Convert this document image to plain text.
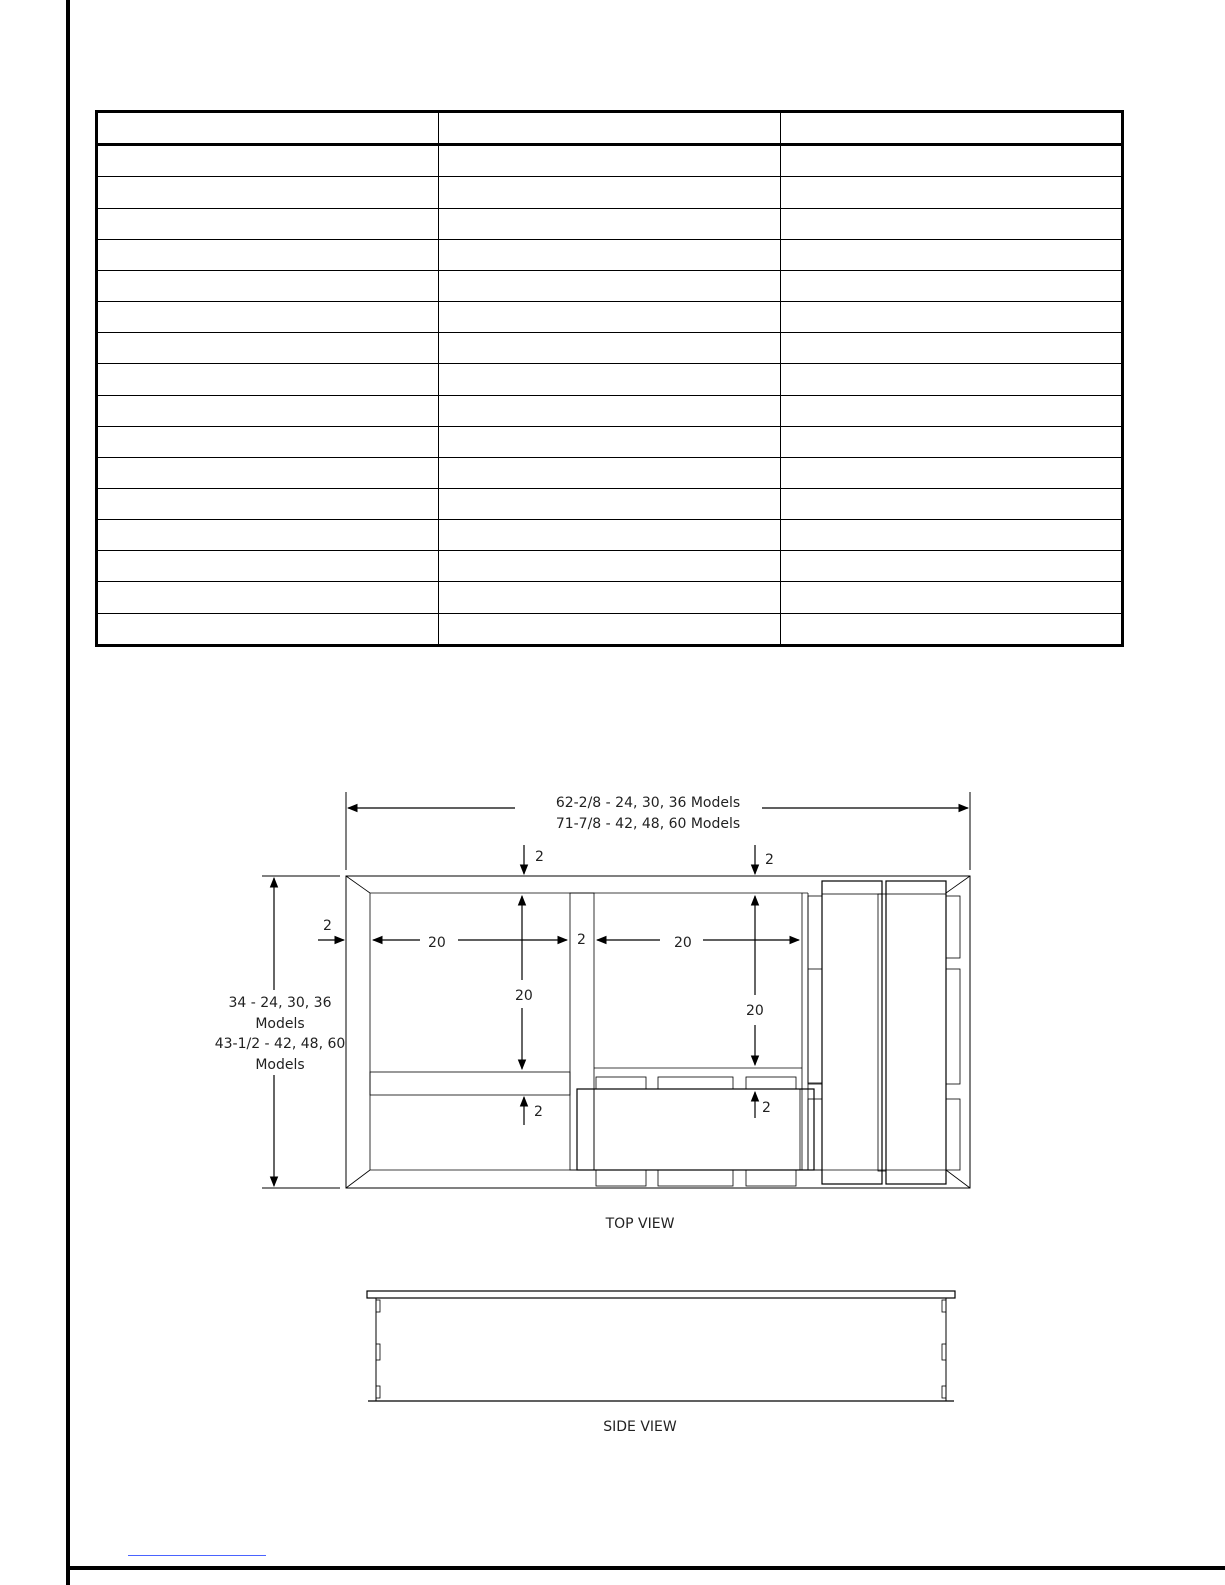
62-2/8 - 24, 30, 36 Models
71-7/8 - 42, 48, 60 Models
34 - 24, 30, 36
Models
43-1/2 - 42, 48, 60
Models
2	2
2
20	2	20
20
20
2	2
TOP VIEW
SIDE VIEW
